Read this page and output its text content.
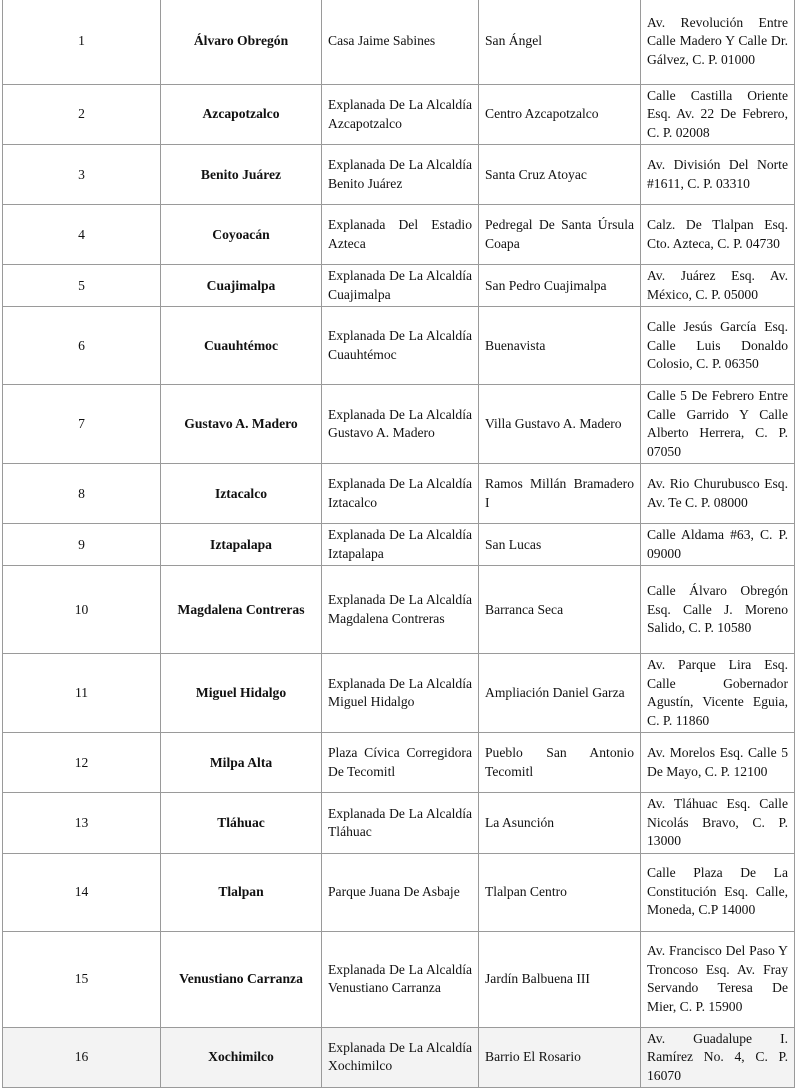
1	Álvaro Obregón	Casa Jaime Sabines	San Ángel	Av. Revolución Entre Calle Madero Y Calle Dr. Gálvez, C. P. 01000
2	Azcapotzalco	Explanada De La Alcaldía Azcapotzalco	Centro Azcapotzalco	Calle Castilla Oriente Esq. Av. 22 De Febrero, C. P. 02008
3	Benito Juárez	Explanada De La Alcaldía Benito Juárez	Santa Cruz Atoyac	Av. División Del Norte #1611, C. P. 03310
4	Coyoacán	Explanada Del Estadio Azteca	Pedregal De Santa Úrsula Coapa	Calz. De Tlalpan Esq. Cto. Azteca, C. P. 04730
5	Cuajimalpa	Explanada De La Alcaldía Cuajimalpa	San Pedro Cuajimalpa	Av. Juárez Esq. Av. México, C. P. 05000
6	Cuauhtémoc	Explanada De La Alcaldía Cuauhtémoc	Buenavista	Calle Jesús García Esq. Calle Luis Donaldo Colosio, C. P. 06350
7	Gustavo A. Madero	Explanada De La Alcaldía Gustavo A. Madero	Villa Gustavo A. Madero	Calle 5 De Febrero Entre Calle Garrido Y Calle Alberto Herrera, C. P. 07050
8	Iztacalco	Explanada De La Alcaldía Iztacalco	Ramos Millán Bramadero I	Av. Rio Churubusco Esq. Av. Te C. P. 08000
9	Iztapalapa	Explanada De La Alcaldía Iztapalapa	San Lucas	Calle Aldama #63, C. P. 09000
10	Magdalena Contreras	Explanada De La Alcaldía Magdalena Contreras	Barranca Seca	Calle Álvaro Obregón Esq. Calle J. Moreno Salido, C. P. 10580
11	Miguel Hidalgo	Explanada De La Alcaldía Miguel Hidalgo	Ampliación Daniel Garza	Av. Parque Lira Esq. Calle Gobernador Agustín, Vicente Eguia, C. P. 11860
12	Milpa Alta	Plaza Cívica Corregidora De Tecomitl	Pueblo San Antonio Tecomitl	Av. Morelos Esq. Calle 5 De Mayo, C. P. 12100
13	Tláhuac	Explanada De La Alcaldía Tláhuac	La Asunción	Av. Tláhuac Esq. Calle Nicolás Bravo, C. P. 13000
14	Tlalpan	Parque Juana De Asbaje	Tlalpan Centro	Calle Plaza De La Constitución Esq. Calle, Moneda, C.P 14000
15	Venustiano Carranza	Explanada De La Alcaldía Venustiano Carranza	Jardín Balbuena III	Av. Francisco Del Paso Y Troncoso Esq. Av. Fray Servando Teresa De Mier, C. P. 15900
16	Xochimilco	Explanada De La Alcaldía Xochimilco	Barrio El Rosario	Av. Guadalupe I. Ramírez No. 4, C. P. 16070
